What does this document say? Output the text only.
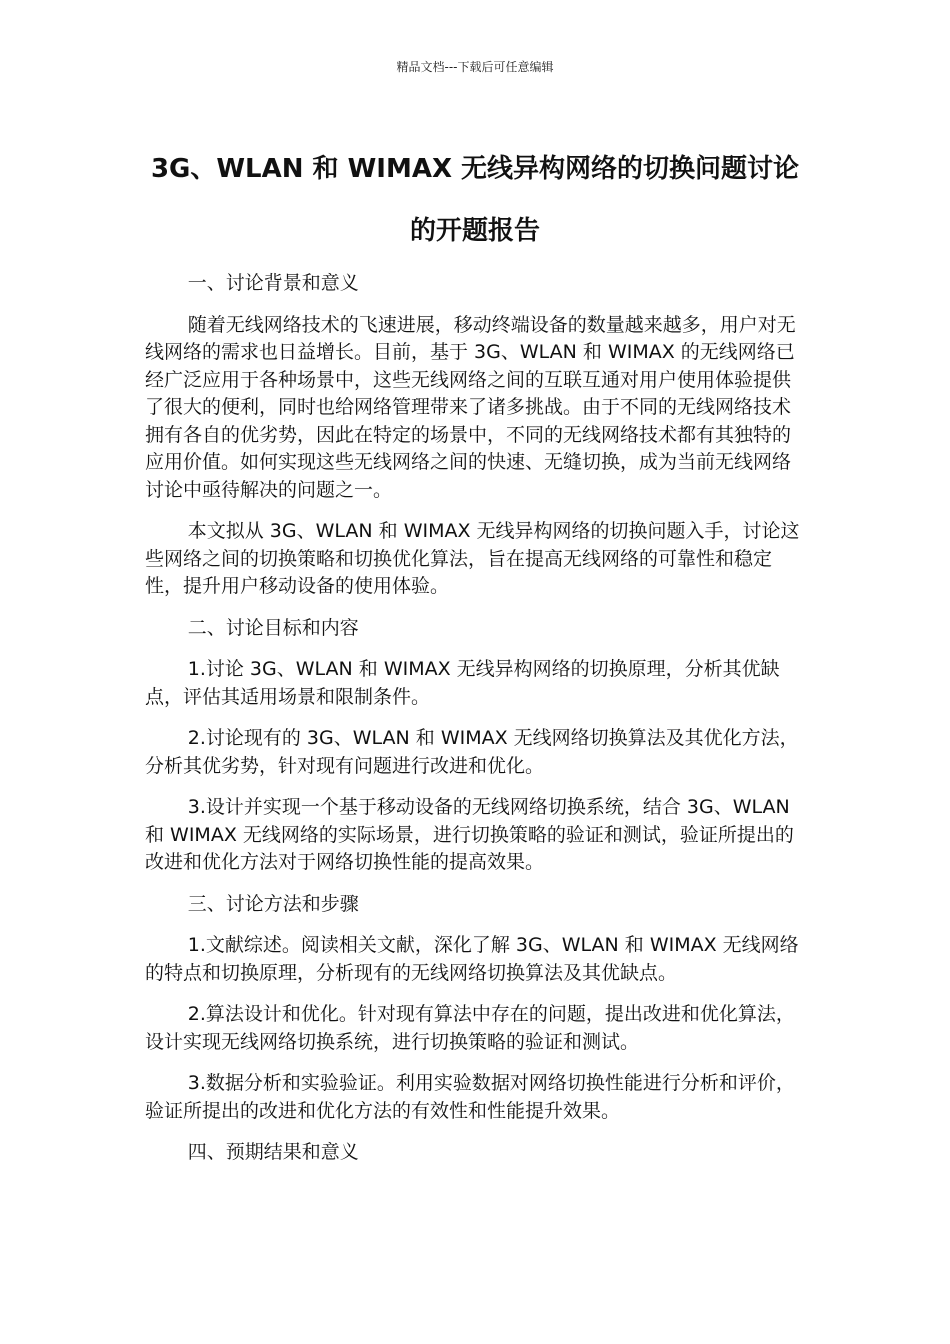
精品文档---下载后可任意编辑
3G、WLAN 和 WIMAX 无线异构网络的切换问题讨论的开题报告

一、讨论背景和意义

随着无线网络技术的飞速进展，移动终端设备的数量越来越多，用户对无线网络的需求也日益增长。目前，基于 3G、WLAN 和 WIMAX 的无线网络已经广泛应用于各种场景中，这些无线网络之间的互联互通对用户使用体验提供了很大的便利，同时也给网络管理带来了诸多挑战。由于不同的无线网络技术拥有各自的优劣势，因此在特定的场景中，不同的无线网络技术都有其独特的应用价值。如何实现这些无线网络之间的快速、无缝切换，成为当前无线网络讨论中亟待解决的问题之一。

本文拟从 3G、WLAN 和 WIMAX 无线异构网络的切换问题入手，讨论这些网络之间的切换策略和切换优化算法，旨在提高无线网络的可靠性和稳定性，提升用户移动设备的使用体验。

二、讨论目标和内容

1.讨论 3G、WLAN 和 WIMAX 无线异构网络的切换原理，分析其优缺点，评估其适用场景和限制条件。

2.讨论现有的 3G、WLAN 和 WIMAX 无线网络切换算法及其优化方法，分析其优劣势，针对现有问题进行改进和优化。

3.设计并实现一个基于移动设备的无线网络切换系统，结合 3G、WLAN 和 WIMAX 无线网络的实际场景，进行切换策略的验证和测试，验证所提出的改进和优化方法对于网络切换性能的提高效果。

三、讨论方法和步骤

1.文献综述。阅读相关文献，深化了解 3G、WLAN 和 WIMAX 无线网络的特点和切换原理，分析现有的无线网络切换算法及其优缺点。

2.算法设计和优化。针对现有算法中存在的问题，提出改进和优化算法，设计实现无线网络切换系统，进行切换策略的验证和测试。

3.数据分析和实验验证。利用实验数据对网络切换性能进行分析和评价，验证所提出的改进和优化方法的有效性和性能提升效果。

四、预期结果和意义
